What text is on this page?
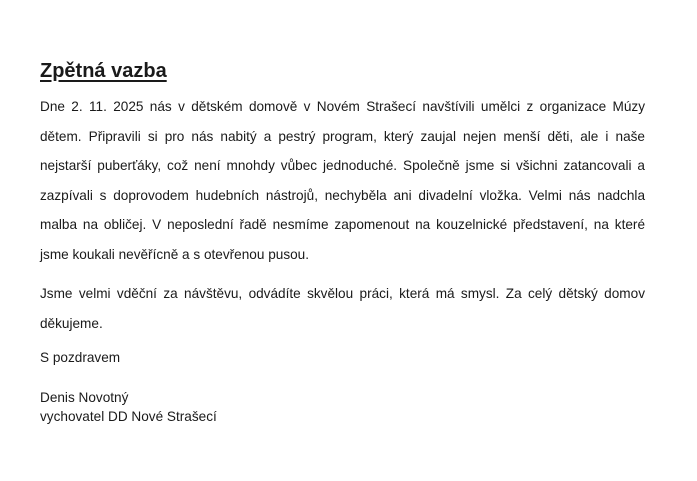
Zpětná vazba

Dne 2. 11. 2025 nás v dětském domově v Novém Strašecí navštívili umělci z organizace Múzy dětem. Připravili si pro nás nabitý a pestrý program, který zaujal nejen menší děti, ale i naše nejstarší puberťáky, což není mnohdy vůbec jednoduché. Společně jsme si všichni zatancovali a zazpívali s doprovodem hudebních nástrojů, nechyběla ani divadelní vložka. Velmi nás nadchla malba na obličej. V neposlední řadě nesmíme zapomenout na kouzelnické představení, na které jsme koukali nevěřícně a s otevřenou pusou.

Jsme velmi vděční za návštěvu, odvádíte skvělou práci, která má smysl. Za celý dětský domov děkujeme.

S pozdravem
Denis Novotný
vychovatel DD Nové Strašecí
